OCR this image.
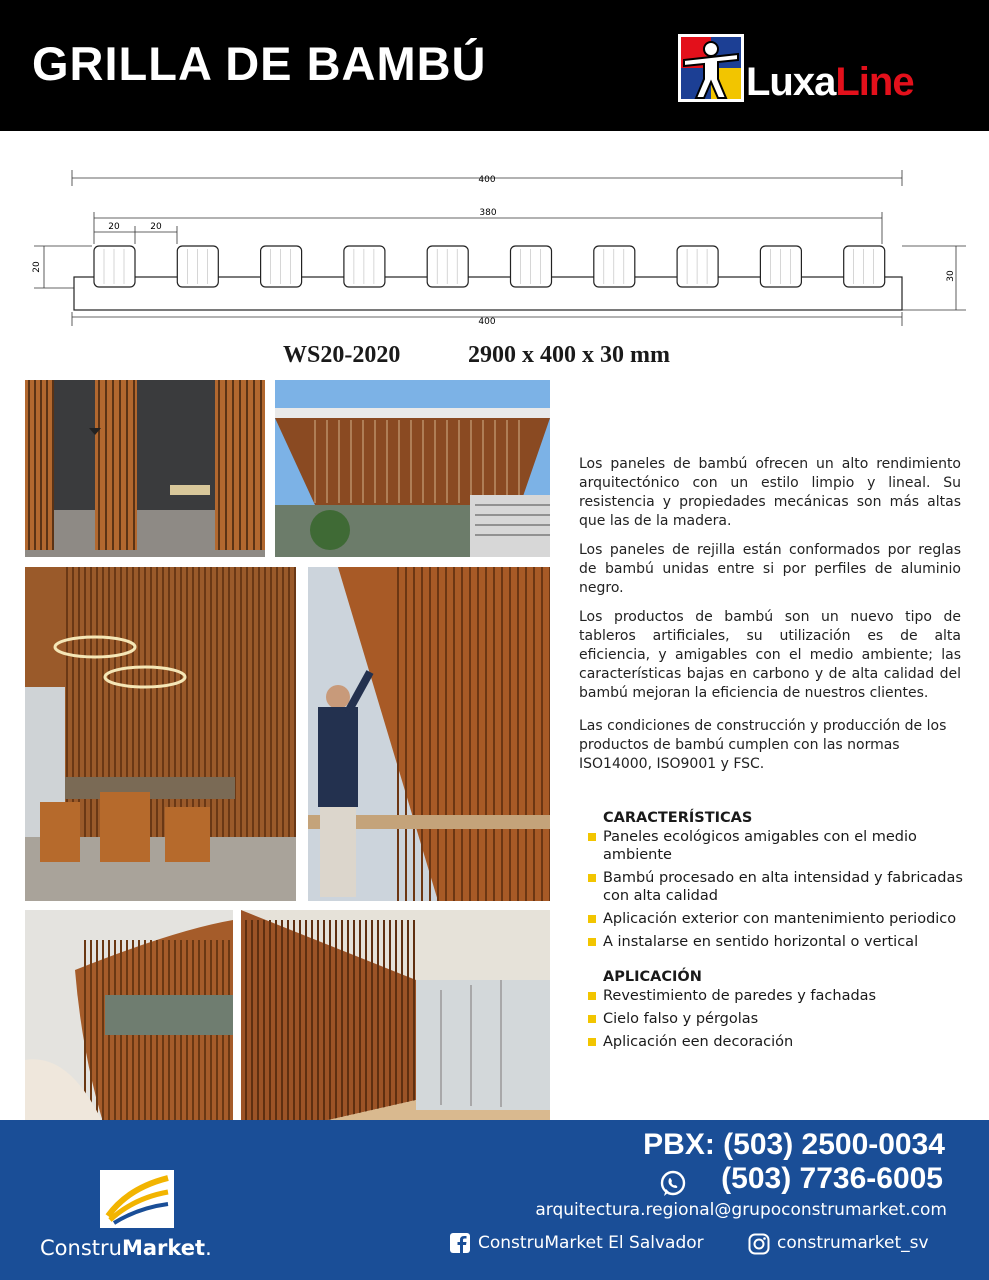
GRILLA DE BAMBÚ	LuxaLine
400
380
20	20
20
30
400
WS20-2020	2900 x 400 x 30 mm

Los paneles de bambú ofrecen un alto rendimiento arquitectónico con un estilo limpio y lineal. Su resistencia y propiedades mecánicas son más altas que las de la madera.

Los paneles de rejilla están conformados por reglas de bambú unidas entre si por perfiles de aluminio negro.

Los productos de bambú son un nuevo tipo de tableros artificiales, su utilización es de alta eficiencia, y amigables con el medio ambiente; las características bajas en carbono y de alta calidad del bambú mejoran la eficiencia de nuestros clientes.

Las condiciones de construcción y producción de los productos de bambú cumplen con las normas ISO14000, ISO9001 y FSC.

CARACTERÍSTICAS
Paneles ecológicos amigables con el medio ambiente
Bambú procesado en alta intensidad y fabricadas con alta calidad
Aplicación exterior con mantenimiento periodico
A instalarse en sentido horizontal o vertical
APLICACIÓN
Revestimiento de paredes y fachadas
Cielo falso y pérgolas
Aplicación een decoración
PBX: (503) 2500-0034
(503) 7736-6005
arquitectura.regional@grupoconstrumarket.com
ConstruMarket El Salvador	construmarket_sv
ConstruMarket.
